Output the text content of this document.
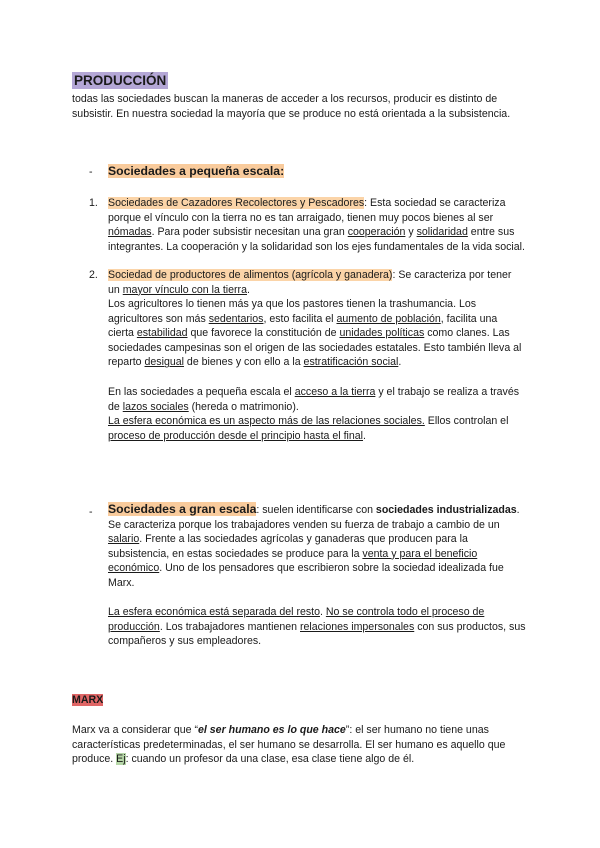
PRODUCCIÓN

todas las sociedades buscan la maneras de acceder a los recursos, producir es distinto de subsistir. En nuestra sociedad la mayoría que se produce no está orientada a la subsistencia.

-	Sociedades a pequeña escala:
1. Sociedades de Cazadores Recolectores y Pescadores: Esta sociedad se caracteriza porque el vínculo con la tierra no es tan arraigado, tienen muy pocos bienes al ser nómadas. Para poder subsistir necesitan una gran cooperación y solidaridad entre sus integrantes. La cooperación y la solidaridad son los ejes fundamentales de la vida social.

2. Sociedad de productores de alimentos (agrícola y ganadera): Se caracteriza por tener un mayor vínculo con la tierra.

Los agricultores lo tienen más ya que los pastores tienen la trashumancia. Los agricultores son más sedentarios, esto facilita el aumento de población, facilita una cierta estabilidad que favorece la constitución de unidades políticas como clanes. Las sociedades campesinas son el origen de las sociedades estatales. Esto también lleva al reparto desigual de bienes y con ello a la estratificación social.

En las sociedades a pequeña escala el acceso a la tierra y el trabajo se realiza a través de lazos sociales (hereda o matrimonio).
La esfera económica es un aspecto más de las relaciones sociales. Ellos controlan el proceso de producción desde el principio hasta el final.

-	Sociedades a gran escala: suelen identificarse con sociedades industrializadas. Se caracteriza porque los trabajadores venden su fuerza de trabajo a cambio de un salario. Frente a las sociedades agrícolas y ganaderas que producen para la subsistencia, en estas sociedades se produce para la venta y para el beneficio económico. Uno de los pensadores que escribieron sobre la sociedad idealizada fue Marx.

La esfera económica está separada del resto. No se controla todo el proceso de producción. Los trabajadores mantienen relaciones impersonales con sus productos, sus compañeros y sus empleadores.

MARX

Marx va a considerar que “el ser humano es lo que hace”: el ser humano no tiene unas características predeterminadas, el ser humano se desarrolla. El ser humano es aquello que produce. Ej: cuando un profesor da una clase, esa clase tiene algo de él.
